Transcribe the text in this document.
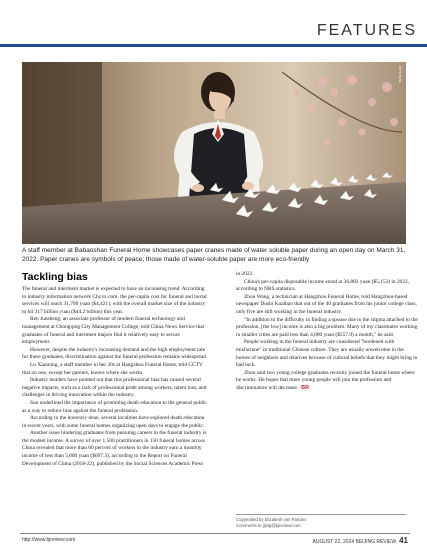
FEATURES
XINHUA
A staff member at Babaoshan Funeral Home showcases paper cranes made of water soluble paper during an open day on March 31, 2022. Paper cranes are symbols of peace; those made of water-soluble paper are more eco-friendly
Tackling bias

The funeral and interment market is expected to have an increasing trend. According to industry information network Chyxx.com, the per-capita cost for funeral and burial services will reach 31,700 yuan ($4,421), with the overall market size of the industry to hit 317 billion yuan ($44.2 billion) this year.

Ren Junsheng, an associate professor of modern funeral technology and management at Chongqing City Management College, told China News Service that graduates of funeral and interment majors find it relatively easy to secure employment.

However, despite the industry's increasing demand and the high employment rate for these graduates, discrimination against the funeral profession remains widespread.

Lu Xiaoning, a staff member in her 20s at Hangzhou Funeral Home, told CCTV that no one, except her parents, knows where she works.

Industry insiders have pointed out that this professional bias has caused several negative impacts, such as a lack of professional pride among workers, talent loss, and challenges in driving innovation within the industry.

Sun underlined the importance of promoting death education to the general public as a way to reduce bias against the funeral profession.

According to the honorary dean, several localities have explored death education in recent years, with some funeral homes organizing open days to engage the public.

Another issue hindering graduates from pursuing careers in the funeral industry is the modest income. A survey of over 1,500 practitioners in 150 funeral homes across China revealed that more than 60 percent of workers in the industry earn a monthly income of less than 5,000 yuan ($697.3), according to the Report on Funeral Development of China (2018-22), published by the Social Sciences Academic Press

in 2022.

China's per-capita disposable income stood at 36,883 yuan ($5,153) in 2022, according to NBS statistics.

Zhou Wang, a technician at Hangzhou Funeral Home, told Hangzhou-based newspaper Dushi Kuaibao that out of the 40 graduates from his junior college class, only five are still working in the funeral industry.

"In addition to the difficulty in finding a spouse due to the stigma attached to the profession, [the low] income is also a big problem. Many of my classmates working in smaller cities are paid less than 4,000 yuan ($557.9) a month," he said.

People working in the funeral industry are considered "burdened with misfortune" in traditional Chinese culture. They are usually unwelcome in the homes of neighbors and relatives because of cultural beliefs that they might bring in bad luck.

Zhou said two young college graduates recently joined the funeral home where he works. He hopes that more young people will join the profession and discrimination will decrease. BR

Copyedited by Elizabeth van Paridon
Comments to jijing@bjreview.com
http://www.bjreview.com	AUGUST 22, 2024 BEIJING REVIEW 41
